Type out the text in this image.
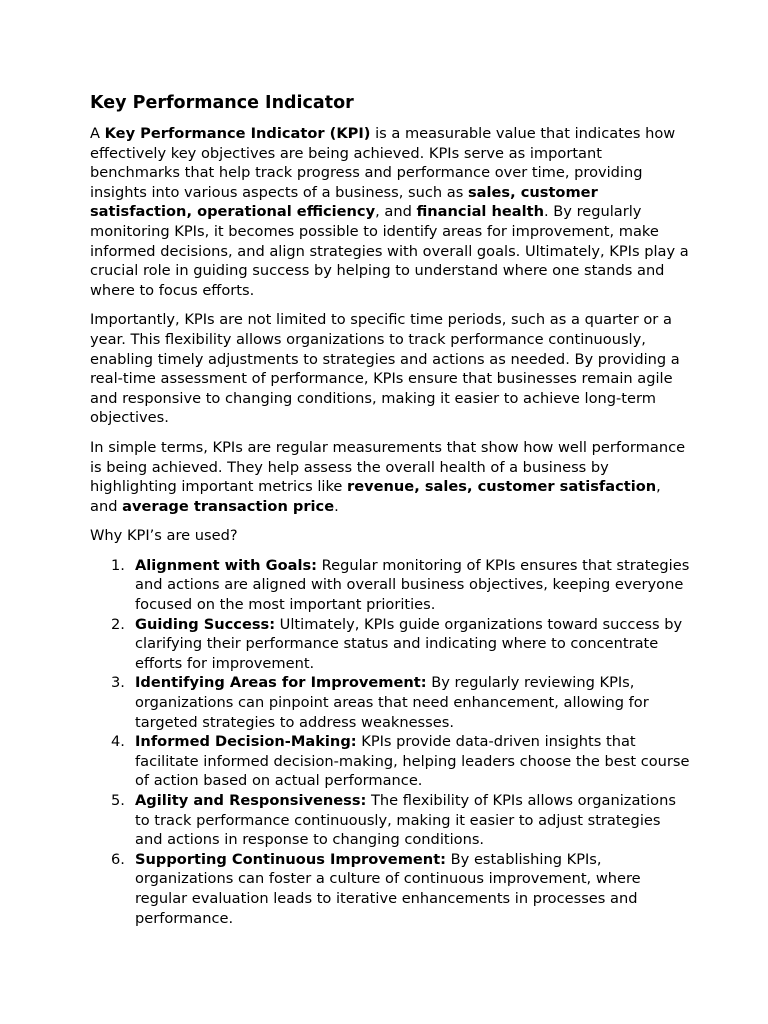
Key Performance Indicator

A Key Performance Indicator (KPI) is a measurable value that indicates how effectively key objectives are being achieved. KPIs serve as important benchmarks that help track progress and performance over time, providing insights into various aspects of a business, such as sales, customer satisfaction, operational efficiency, and financial health. By regularly monitoring KPIs, it becomes possible to identify areas for improvement, make informed decisions, and align strategies with overall goals. Ultimately, KPIs play a crucial role in guiding success by helping to understand where one stands and where to focus efforts.

Importantly, KPIs are not limited to specific time periods, such as a quarter or a year. This flexibility allows organizations to track performance continuously, enabling timely adjustments to strategies and actions as needed. By providing a real-time assessment of performance, KPIs ensure that businesses remain agile and responsive to changing conditions, making it easier to achieve long-term objectives.

In simple terms, KPIs are regular measurements that show how well performance is being achieved. They help assess the overall health of a business by highlighting important metrics like revenue, sales, customer satisfaction, and average transaction price.

Why KPI’s are used?

1. Alignment with Goals: Regular monitoring of KPIs ensures that strategies and actions are aligned with overall business objectives, keeping everyone focused on the most important priorities.
2. Guiding Success: Ultimately, KPIs guide organizations toward success by clarifying their performance status and indicating where to concentrate efforts for improvement.
3. Identifying Areas for Improvement: By regularly reviewing KPIs, organizations can pinpoint areas that need enhancement, allowing for targeted strategies to address weaknesses.
4. Informed Decision-Making: KPIs provide data-driven insights that facilitate informed decision-making, helping leaders choose the best course of action based on actual performance.
5. Agility and Responsiveness: The flexibility of KPIs allows organizations to track performance continuously, making it easier to adjust strategies and actions in response to changing conditions.
6. Supporting Continuous Improvement: By establishing KPIs, organizations can foster a culture of continuous improvement, where regular evaluation leads to iterative enhancements in processes and performance.
